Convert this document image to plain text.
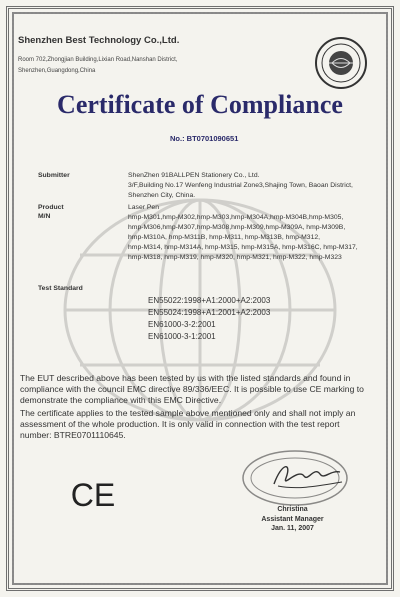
Shenzhen Best Technology Co.,Ltd.
Room 702,Zhongjian Building,Lixian Road,Nanshan District,
Shenzhen,Guangdong,China
Certificate of Compliance
No.: BT0701090651
Submitter	ShenZhen 91BALLPEN Stationery Co., Ltd.
3/F,Building No.17 Wenfeng Industrial Zone3,Shajing Town, Baoan District,
Shenzhen City, China.
Product	Laser Pen
M/N	hmp-M301,hmp-M302,hmp-M303,hmp-M304A,hmp-M304B,hmp-M305,
hmp-M306,hmp-M307,hmp-M308,hmp-M309,hmp-M309A, hmp-M309B,
hmp-M310A, hmp-M311B, hmp-M311, hmp-M313B, hmp-M312,
hmp-M314, hmp-M314A, hmp-M315, hmp-M315A, hmp-M316C, hmp-M317,
hmp-M318, hmp-M319, hmp-M320, hmp-M321, hmp-M322, hmp-M323
Test Standard
EN55022:1998+A1:2000+A2:2003
EN55024:1998+A1:2001+A2:2003
EN61000-3-2:2001
EN61000-3-1:2001
The EUT described above has been tested by us with the listed standards and found in compliance with the council EMC directive 89/336/EEC. It is possible to use CE marking to demonstrate the compliance with this EMC Directive.
The certificate applies to the tested sample above mentioned only and shall not imply an assessment of the whole production. It is only valid in connection with the test report number: BTRE0701110645.
CE	Christina
Assistant Manager
Jan. 11, 2007
